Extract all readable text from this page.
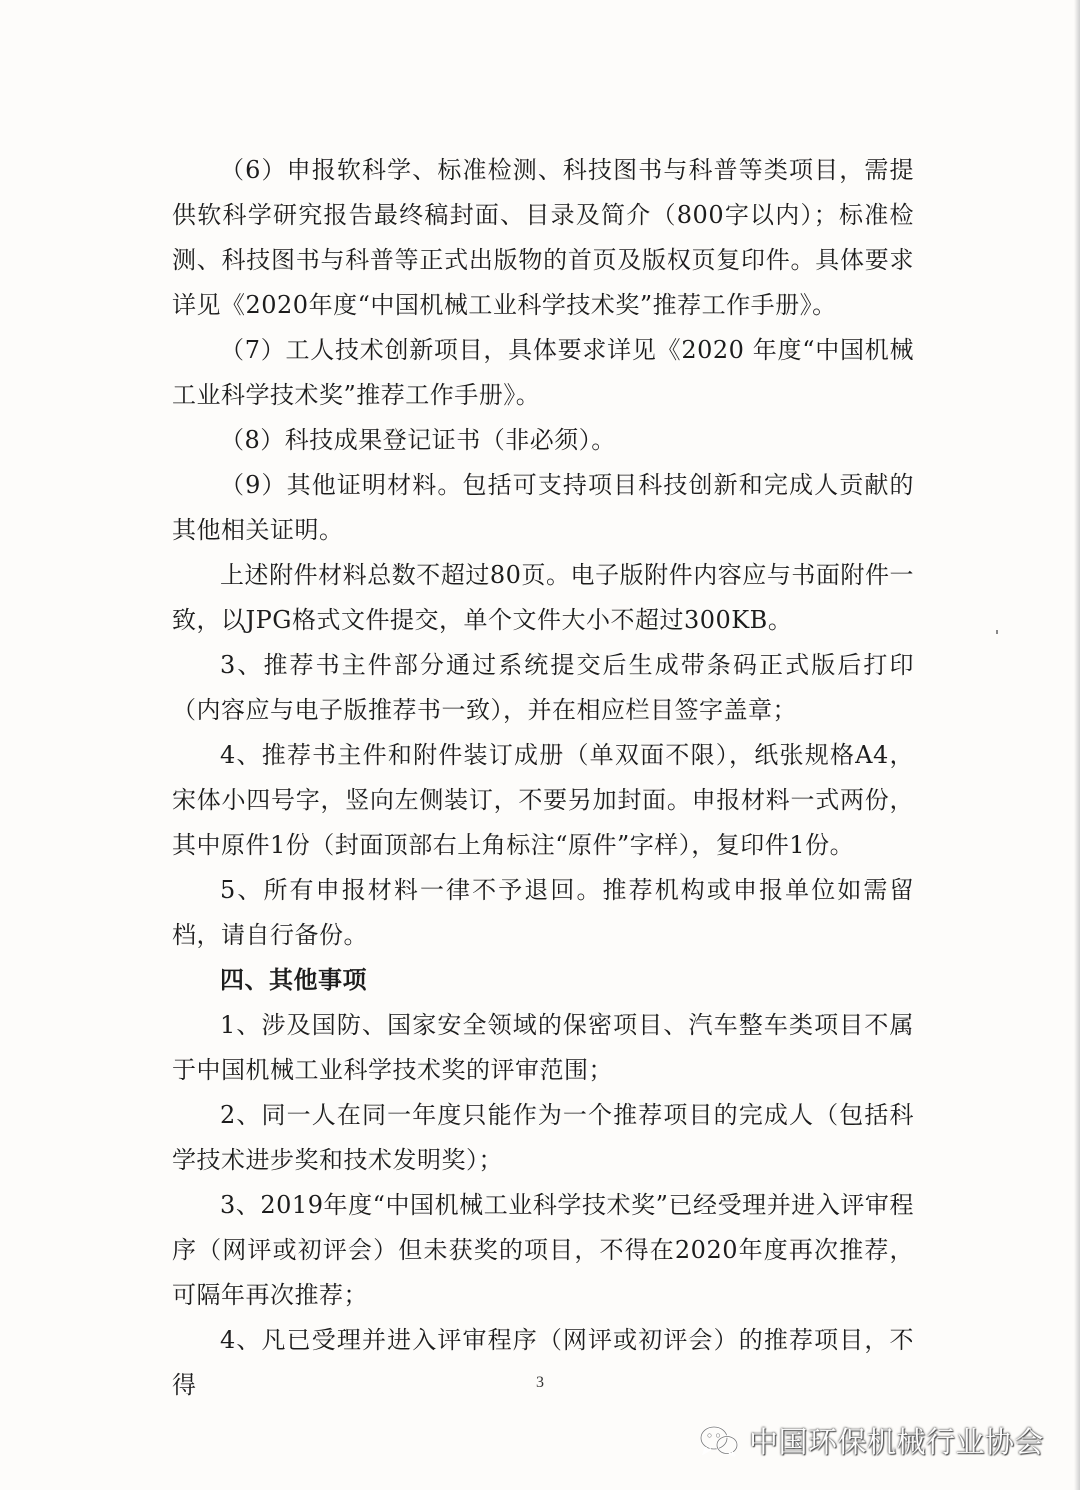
（6）申报软科学、标准检测、科技图书与科普等类项目，需提供软科学研究报告最终稿封面、目录及简介（800字以内）；标准检测、科技图书与科普等正式出版物的首页及版权页复印件。具体要求详见《2020年度“中国机械工业科学技术奖”推荐工作手册》。

（7）工人技术创新项目，具体要求详见《2020 年度“中国机械工业科学技术奖”推荐工作手册》。

（8）科技成果登记证书（非必须）。

（9）其他证明材料。包括可支持项目科技创新和完成人贡献的其他相关证明。

上述附件材料总数不超过80页。电子版附件内容应与书面附件一致，以JPG格式文件提交，单个文件大小不超过300KB。

3、推荐书主件部分通过系统提交后生成带条码正式版后打印（内容应与电子版推荐书一致），并在相应栏目签字盖章；

4、推荐书主件和附件装订成册（单双面不限），纸张规格A4，宋体小四号字，竖向左侧装订，不要另加封面。申报材料一式两份，其中原件1份（封面顶部右上角标注“原件”字样），复印件1份。

5、所有申报材料一律不予退回。推荐机构或申报单位如需留档，请自行备份。

四、其他事项

1、涉及国防、国家安全领域的保密项目、汽车整车类项目不属于中国机械工业科学技术奖的评审范围；

2、同一人在同一年度只能作为一个推荐项目的完成人（包括科学技术进步奖和技术发明奖）；

3、2019年度“中国机械工业科学技术奖”已经受理并进入评审程序（网评或初评会）但未获奖的项目，不得在2020年度再次推荐，可隔年再次推荐；

4、凡已受理并进入评审程序（网评或初评会）的推荐项目，不得	3
中国环保机械行业协会
